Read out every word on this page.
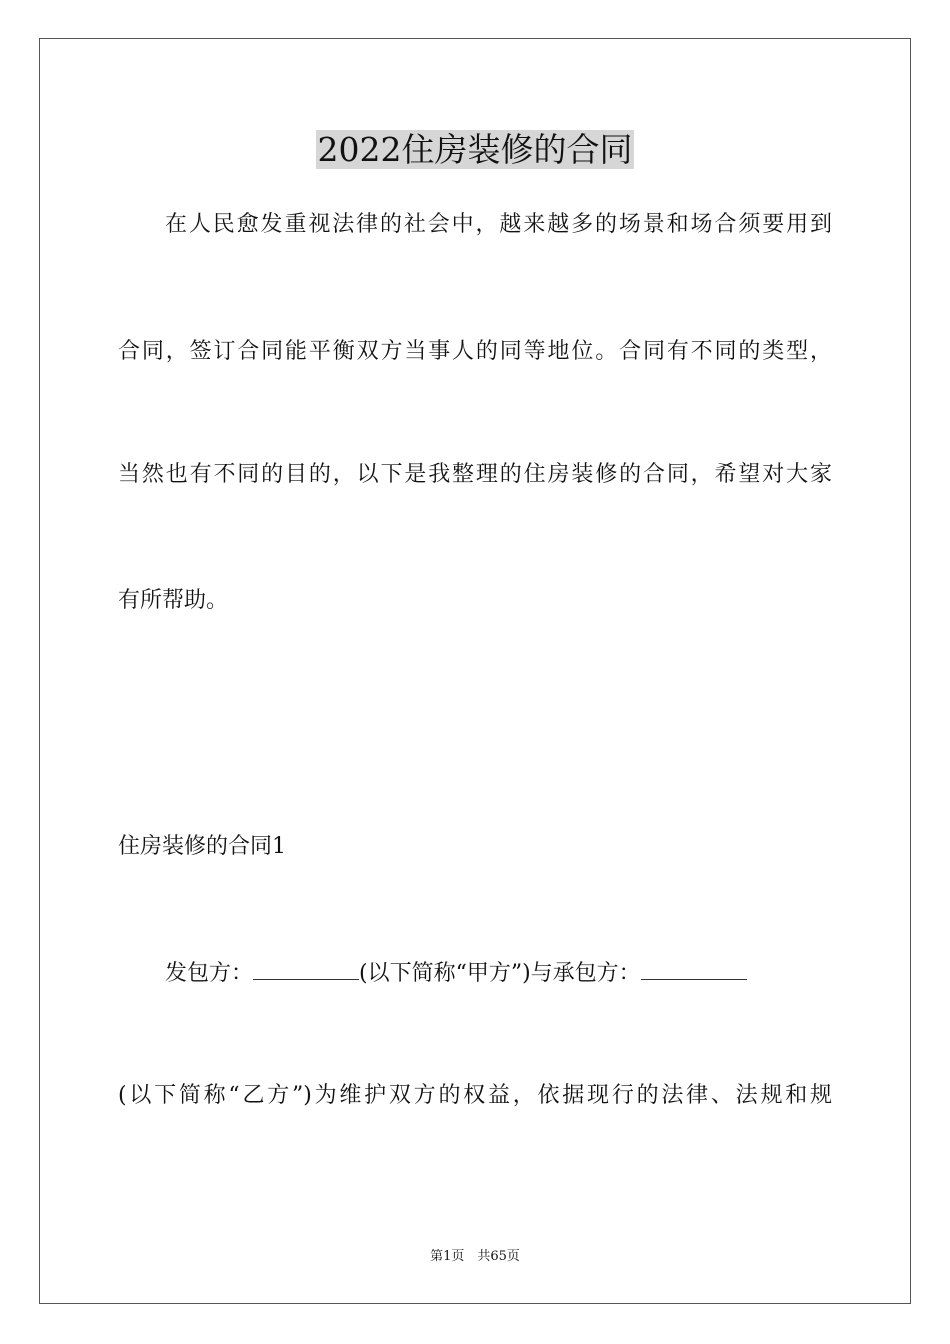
2022住房装修的合同
在人民愈发重视法律的社会中，越来越多的场景和场合须要用到
合同，签订合同能平衡双方当事人的同等地位。合同有不同的类型，
当然也有不同的目的，以下是我整理的住房装修的合同，希望对大家
有所帮助。
住房装修的合同1
发包方：	(以下简称“甲方”)与承包方：
(以下简称“乙方”)为维护双方的权益，依据现行的法律、法规和规
第1页　共65页
